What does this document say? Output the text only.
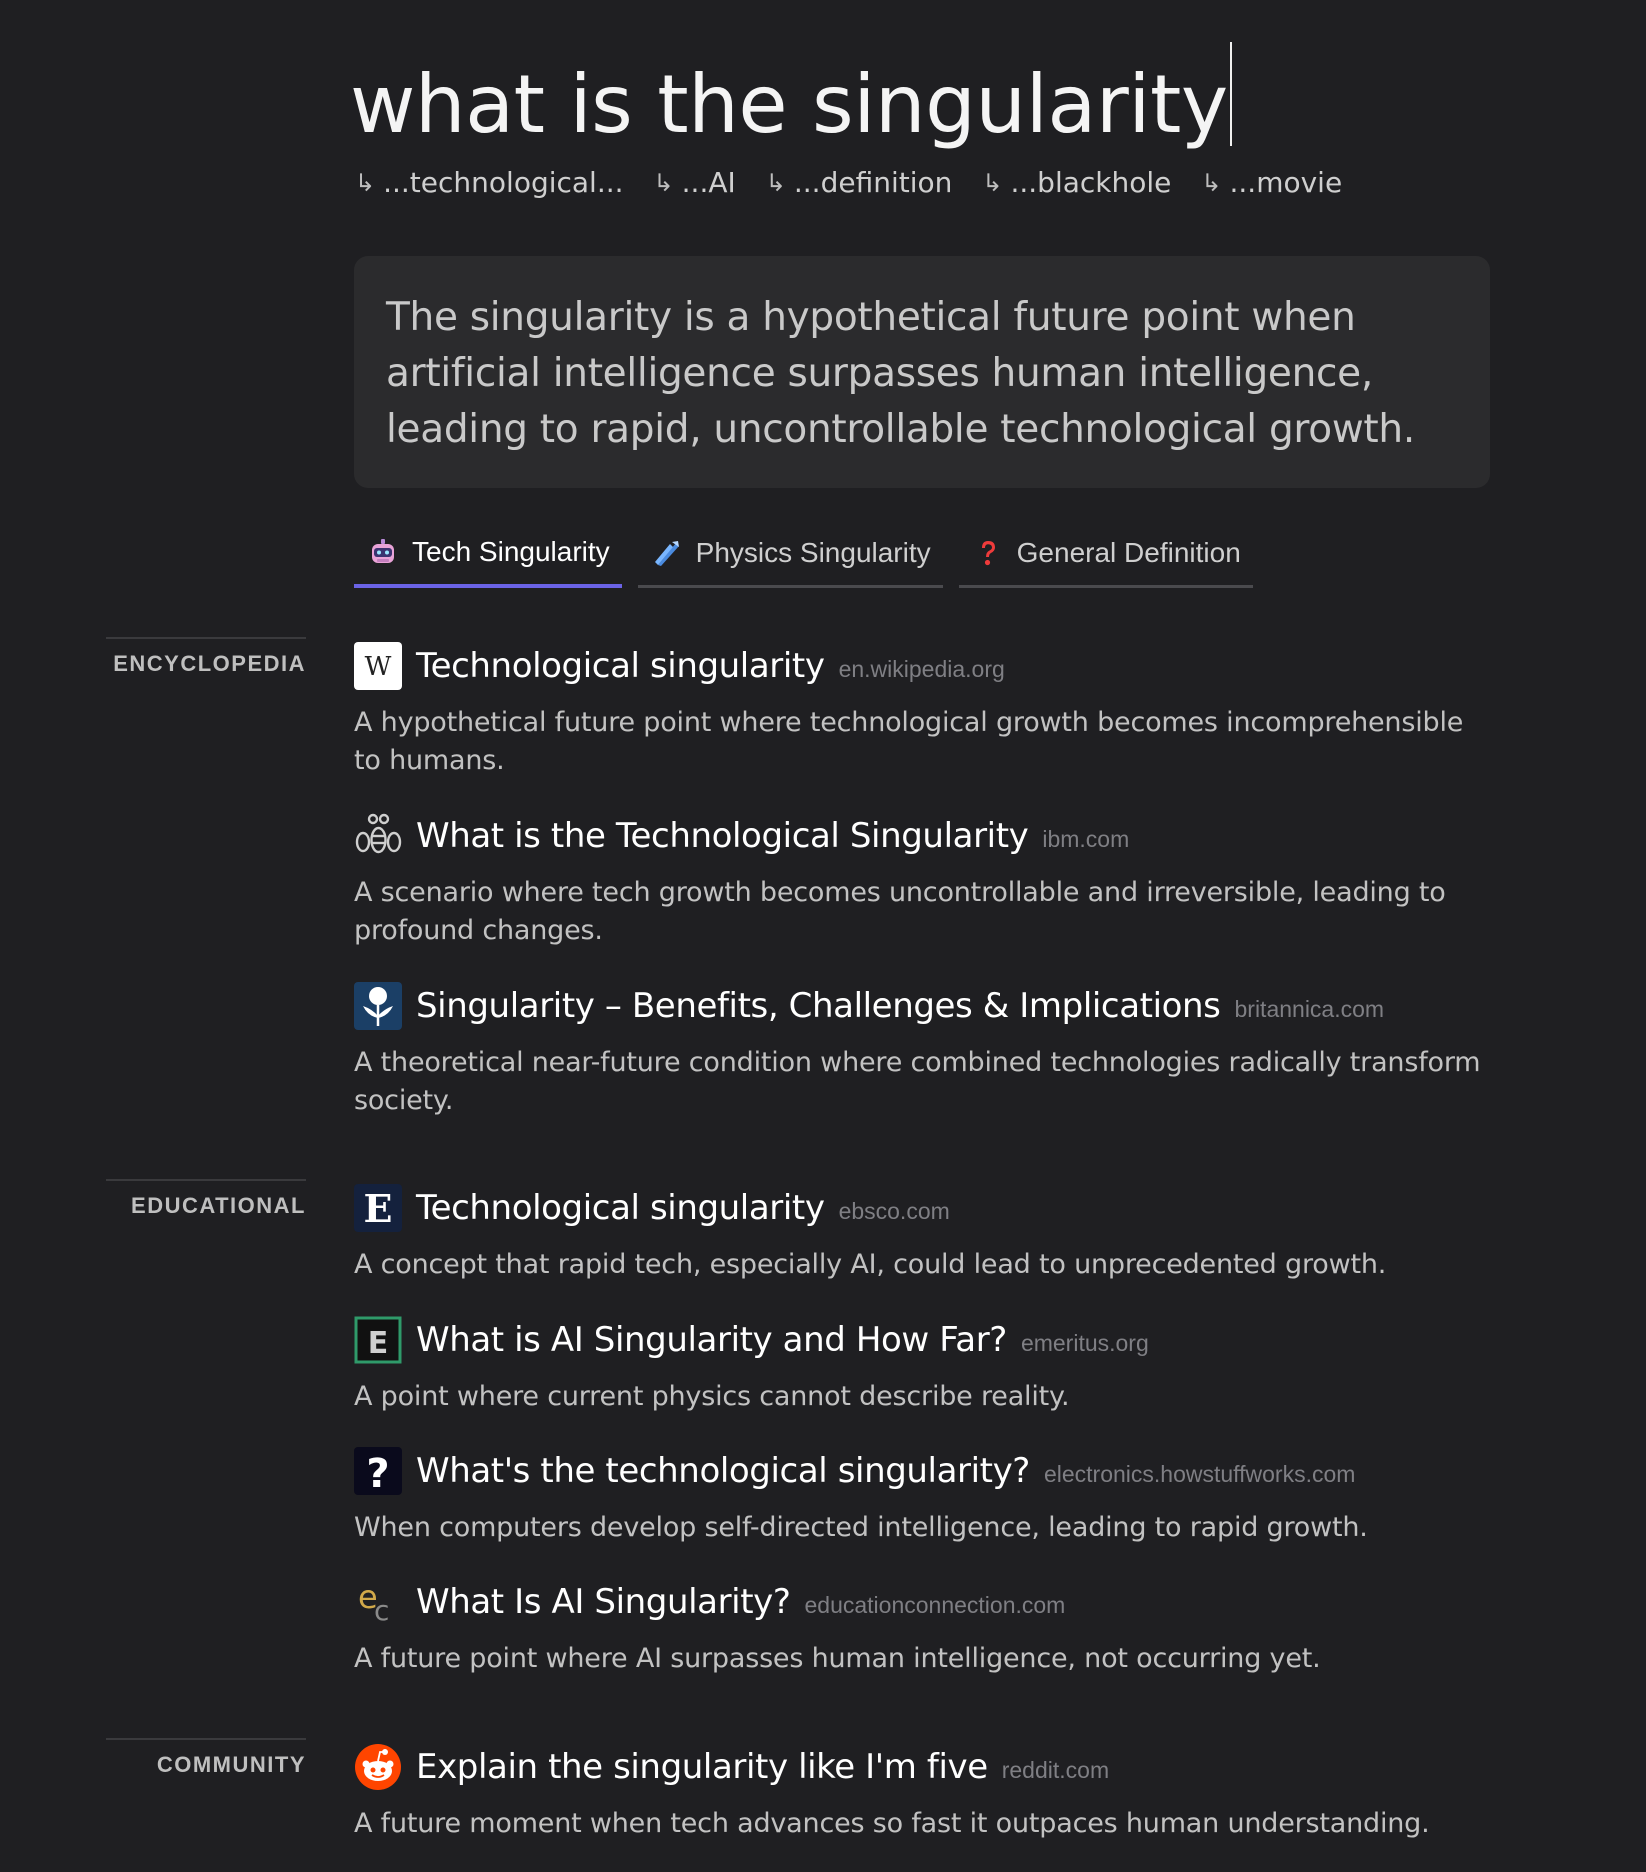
what is the singularity
↳ ...technological... ↳ ...AI ↳ ...definition ↳ ...blackhole ↳ ...movie

The singularity is a hypothetical future point when artificial intelligence surpasses human intelligence, leading to rapid, uncontrollable technological growth.

Tech Singularity	Physics Singularity	General Definition
ENCYCLOPEDIA
EDUCATIONAL
COMMUNITY
W Technological singularity en.wikipedia.org

A hypothetical future point where technological growth becomes incomprehensible to humans.

What is the Technological Singularity ibm.com

A scenario where tech growth becomes uncontrollable and irreversible, leading to profound changes.

Singularity – Benefits, Challenges & Implications britannica.com

A theoretical near-future condition where combined technologies radically transform society.

E Technological singularity ebsco.com

A concept that rapid tech, especially AI, could lead to unprecedented growth.

E What is AI Singularity and How Far? emeritus.org

A point where current physics cannot describe reality.

? What's the technological singularity? electronics.howstuffworks.com

When computers develop self-directed intelligence, leading to rapid growth.

e
c What Is AI Singularity? educationconnection.com

A future point where AI surpasses human intelligence, not occurring yet.

Explain the singularity like I'm five reddit.com

A future moment when tech advances so fast it outpaces human understanding.
